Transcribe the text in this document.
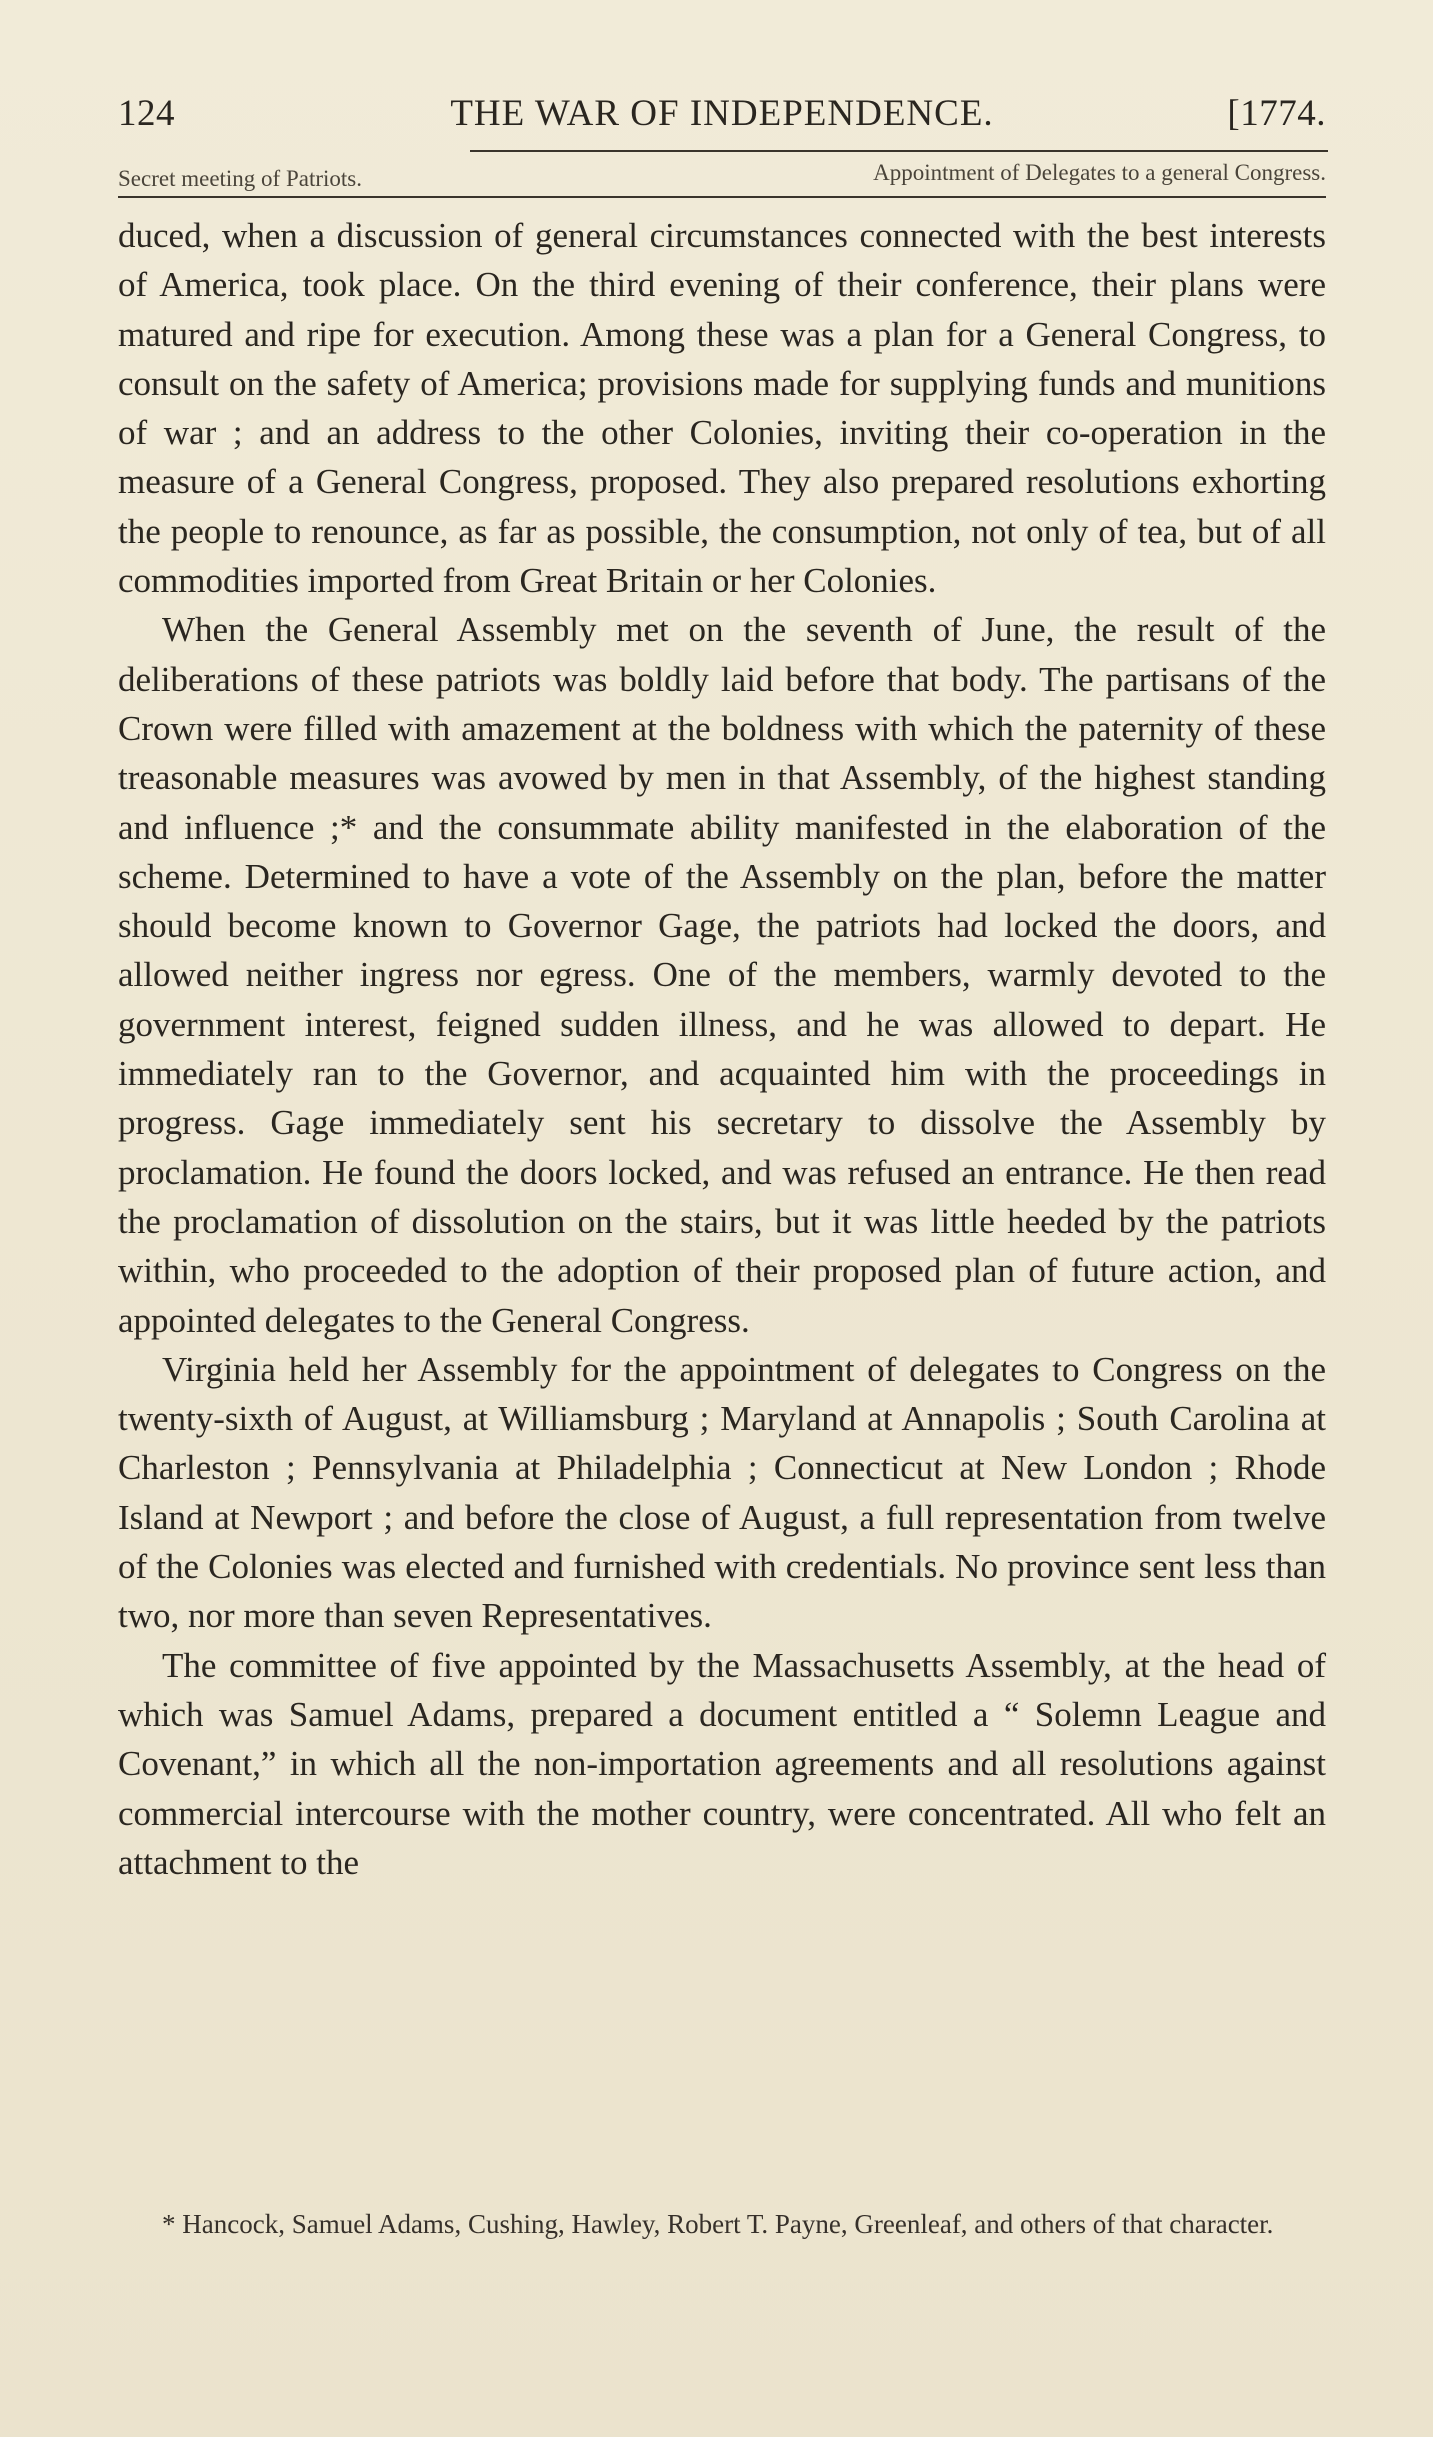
124	THE WAR OF INDEPENDENCE.	[1774.
Secret meeting of Patriots.	Appointment of Delegates to a general Congress.

duced, when a discussion of general circumstances connected with the best interests of America, took place. On the third evening of their conference, their plans were matured and ripe for execution. Among these was a plan for a General Congress, to consult on the safety of America; provisions made for supplying funds and munitions of war ; and an address to the other Colonies, inviting their co-operation in the measure of a General Congress, proposed. They also prepared resolutions exhorting the people to renounce, as far as possible, the consumption, not only of tea, but of all commodities imported from Great Britain or her Colonies.

When the General Assembly met on the seventh of June, the result of the deliberations of these patriots was boldly laid before that body. The partisans of the Crown were filled with amazement at the boldness with which the paternity of these treasonable measures was avowed by men in that Assembly, of the highest standing and influence ;* and the consummate ability manifested in the elaboration of the scheme. Determined to have a vote of the Assembly on the plan, before the matter should become known to Governor Gage, the patriots had locked the doors, and allowed neither ingress nor egress. One of the members, warmly devoted to the government interest, feigned sudden illness, and he was allowed to depart. He immediately ran to the Governor, and acquainted him with the proceedings in progress. Gage immediately sent his secretary to dissolve the Assembly by proclamation. He found the doors locked, and was refused an entrance. He then read the proclamation of dissolution on the stairs, but it was little heeded by the patriots within, who proceeded to the adoption of their proposed plan of future action, and appointed delegates to the General Congress.

Virginia held her Assembly for the appointment of delegates to Congress on the twenty-sixth of August, at Williamsburg ; Maryland at Annapolis ; South Carolina at Charleston ; Pennsylvania at Philadelphia ; Connecticut at New London ; Rhode Island at Newport ; and before the close of August, a full representation from twelve of the Colonies was elected and furnished with credentials. No province sent less than two, nor more than seven Representatives.

The committee of five appointed by the Massachusetts Assembly, at the head of which was Samuel Adams, prepared a document entitled a “ Solemn League and Covenant,” in which all the non-importation agreements and all resolutions against commercial intercourse with the mother country, were concentrated. All who felt an attachment to the

* Hancock, Samuel Adams, Cushing, Hawley, Robert T. Payne, Greenleaf, and others of that character.
